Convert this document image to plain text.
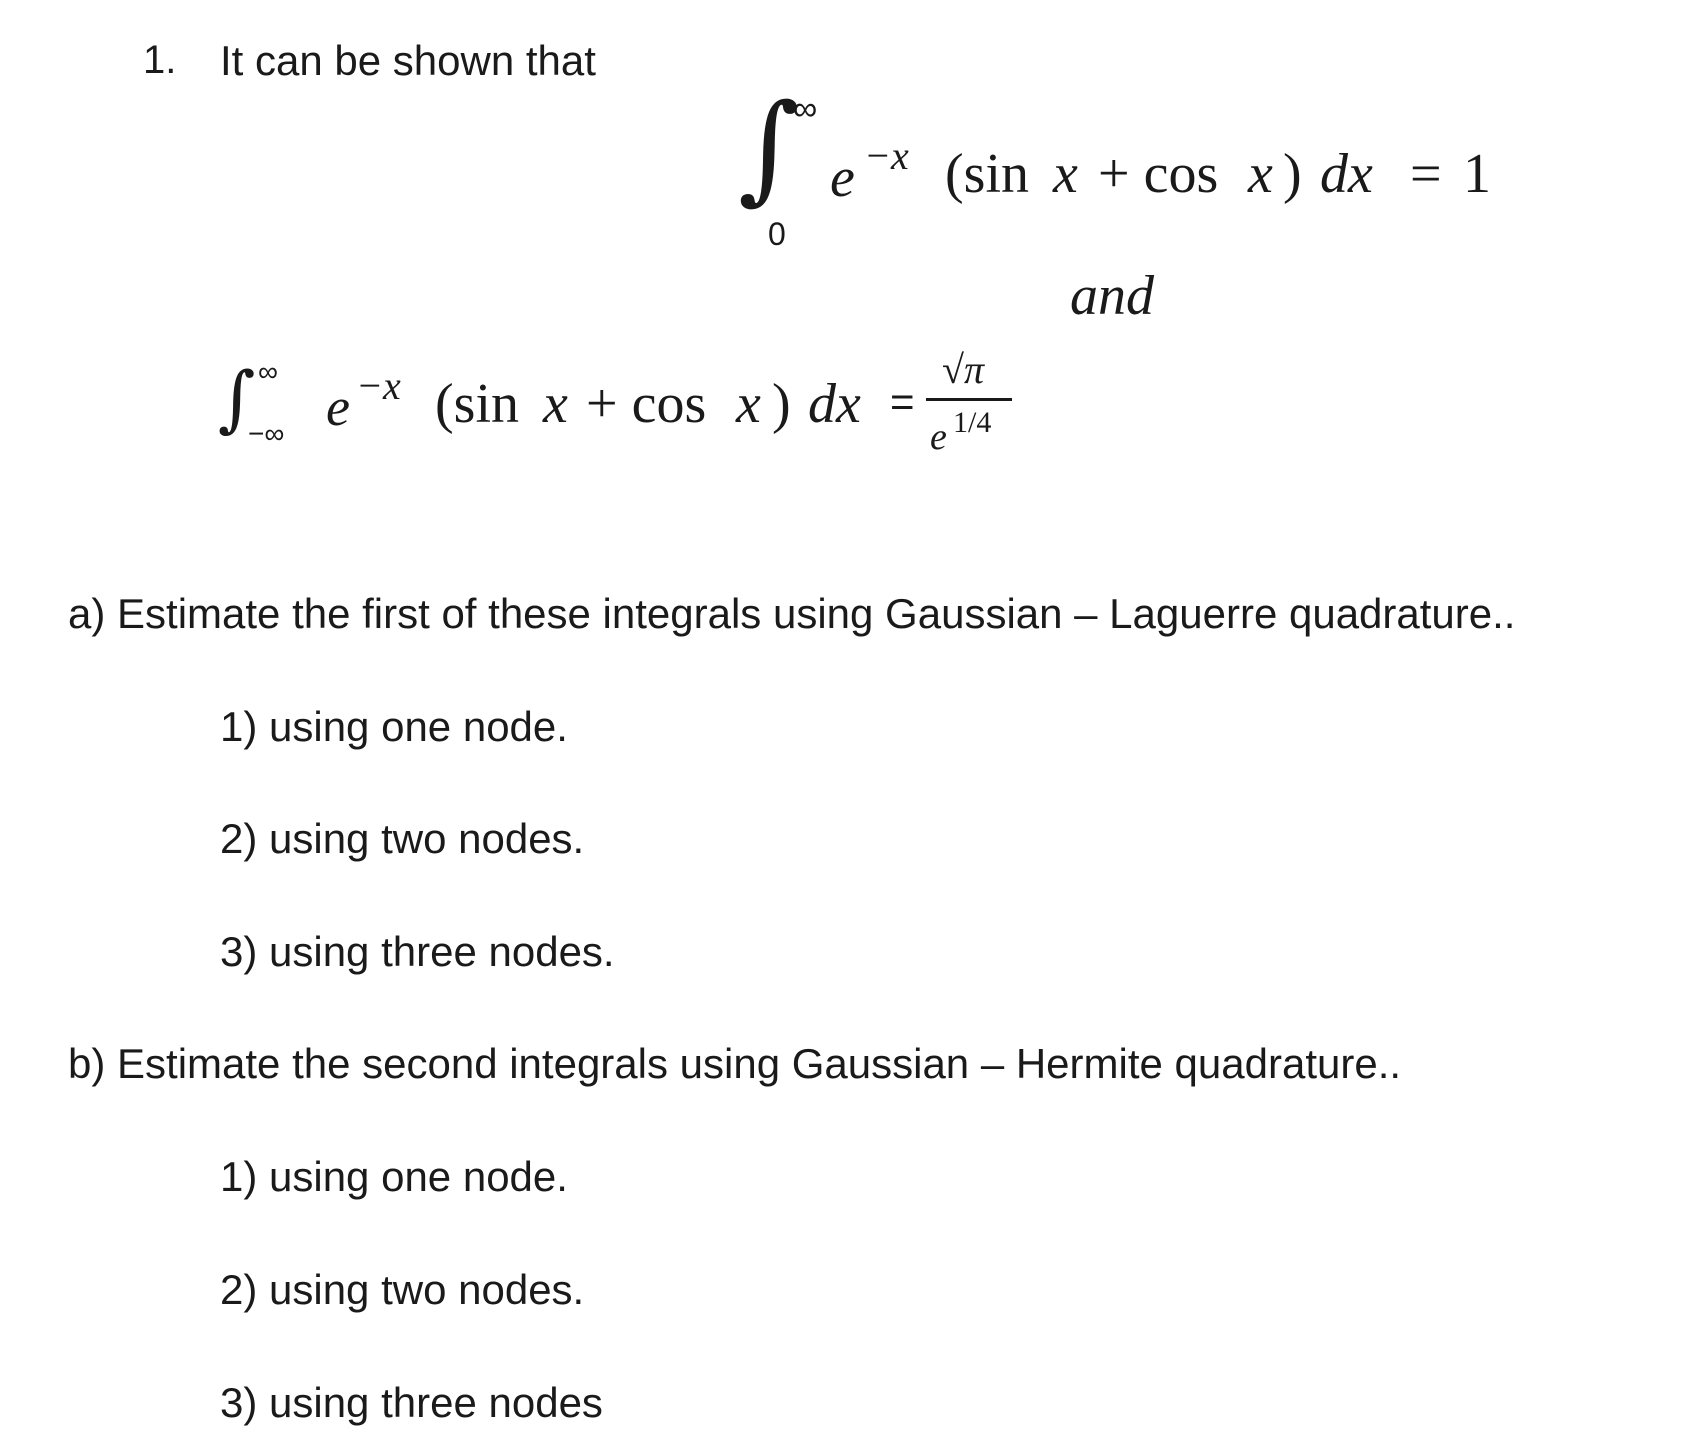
1. It can be shown that
∫
∞
0
e −x (sin x + cos x ) dx = 1
and
∫ ∞
−∞ e −x (sin x + cos x ) dx =
√π
e 1/4
a) Estimate the first of these integrals using Gaussian – Laguerre quadrature..
1) using one node.
2) using two nodes.
3) using three nodes.
b) Estimate the second integrals using Gaussian – Hermite quadrature..
1) using one node.
2) using two nodes.
3) using three nodes
